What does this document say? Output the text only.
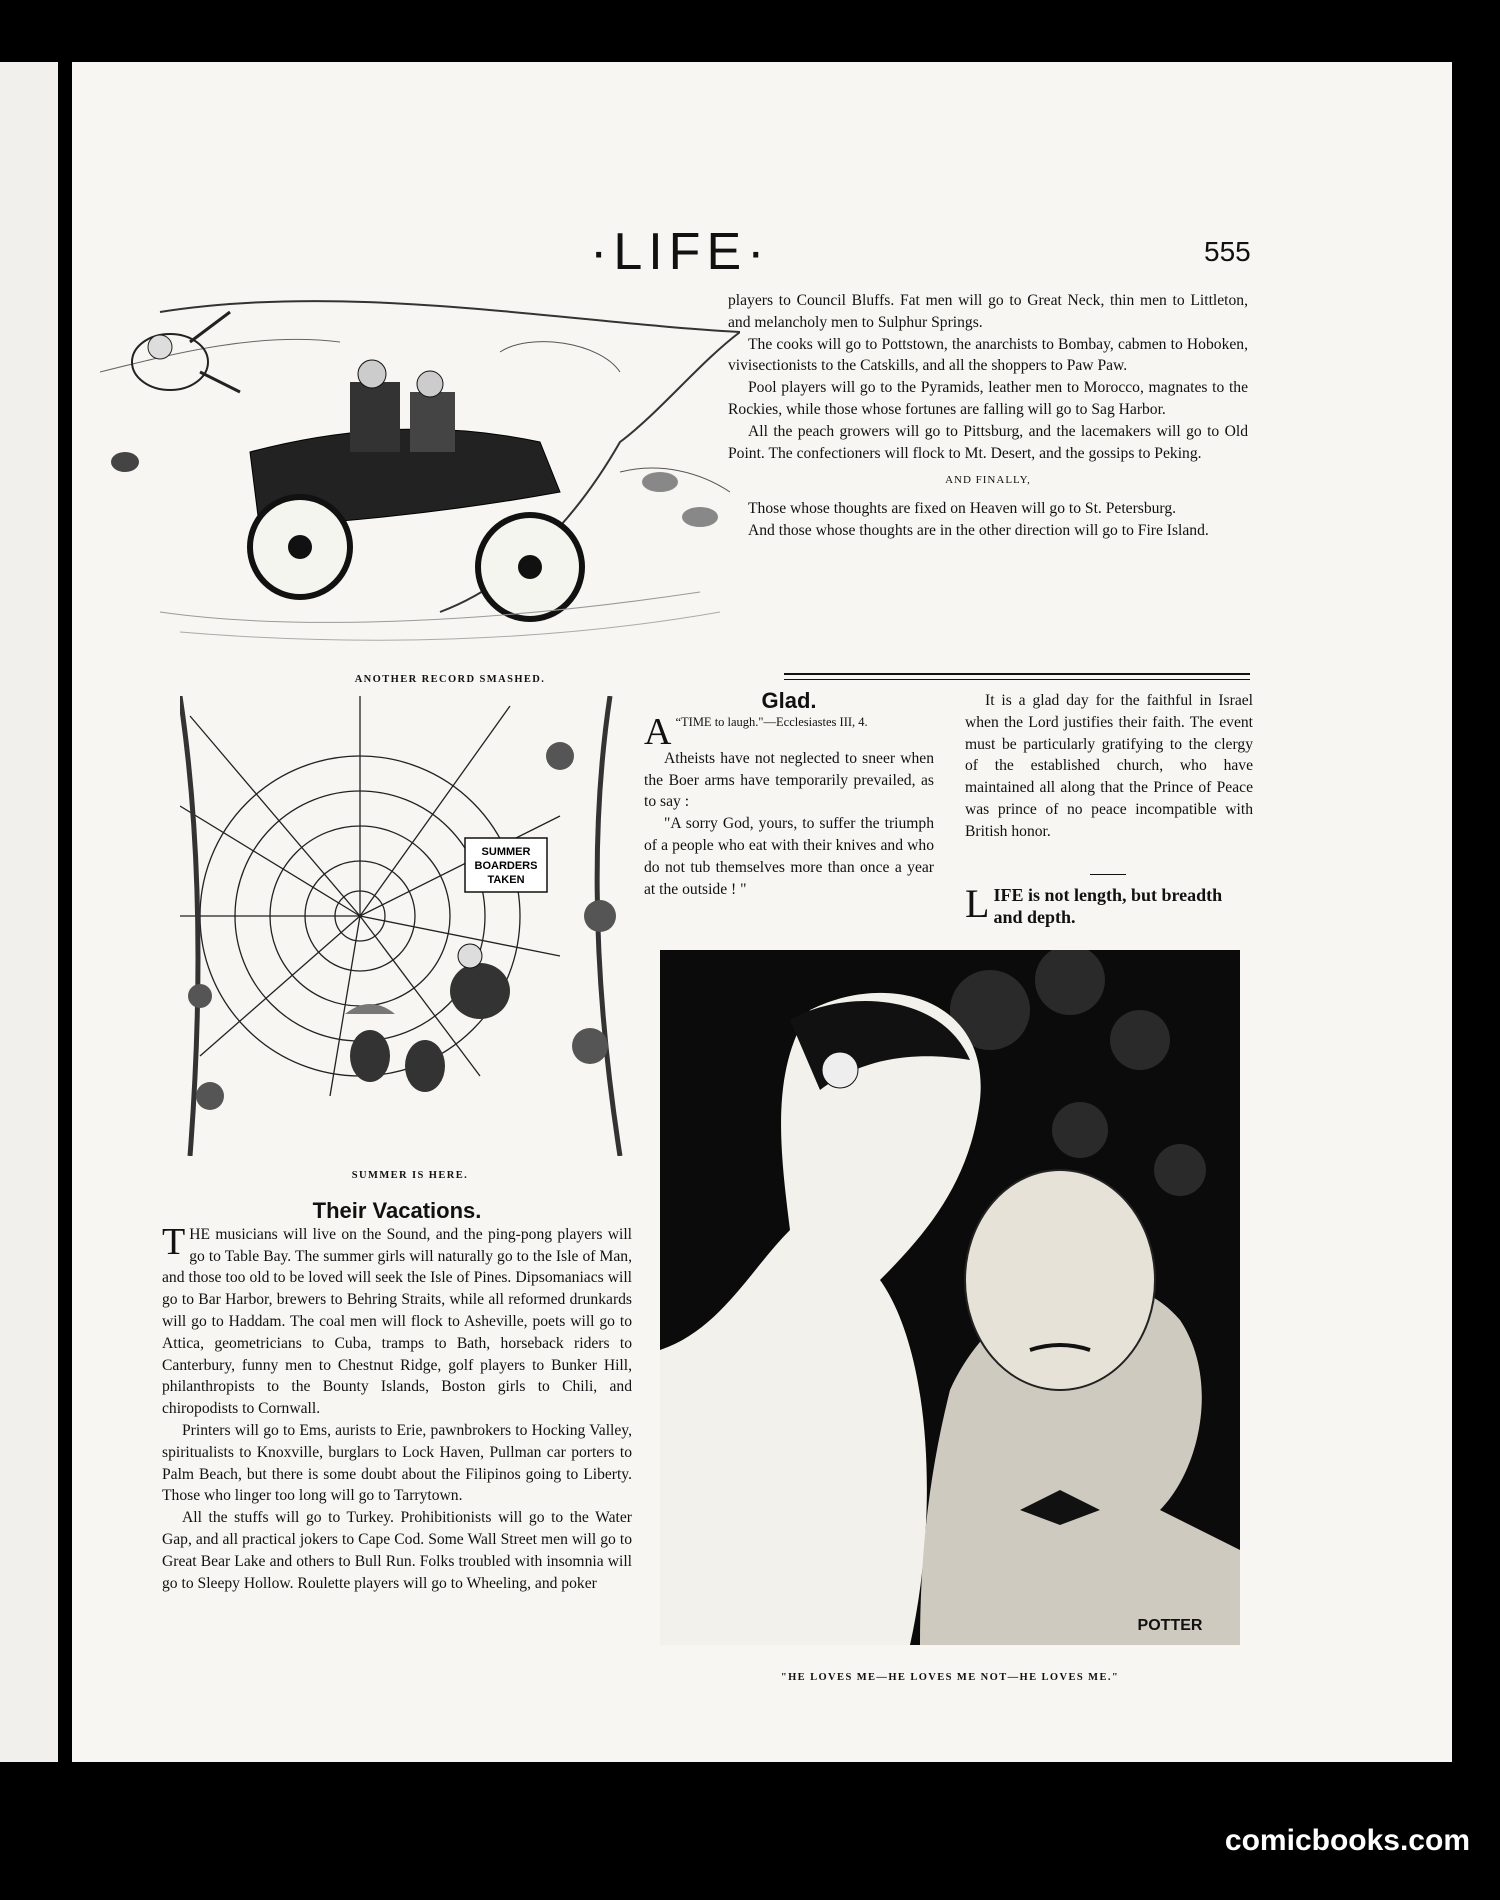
·LIFE·	555
ANOTHER RECORD SMASHED.

players to Council Bluffs. Fat men will go to Great Neck, thin men to Littleton, and melancholy men to Sulphur Springs.

The cooks will go to Pottstown, the anarchists to Bombay, cabmen to Hoboken, vivisectionists to the Catskills, and all the shoppers to Paw Paw.

Pool players will go to the Pyramids, leather men to Morocco, magnates to the Rockies, while those whose fortunes are falling will go to Sag Harbor.

All the peach growers will go to Pittsburg, and the lacemakers will go to Old Point. The confectioners will flock to Mt. Desert, and the gossips to Peking.

AND FINALLY,

Those whose thoughts are fixed on Heaven will go to St. Petersburg.

And those whose thoughts are in the other direction will go to Fire Island.

SUMMER
BOARDERS
TAKEN
SUMMER IS HERE.
Glad.

“
A TIME to laugh."—Ecclesiastes III, 4.

Atheists have not neglected to sneer when the Boer arms have temporarily prevailed, as to say :

"A sorry God, yours, to suffer the triumph of a people who eat with their knives and who do not tub themselves more than once a year at the outside ! "

It is a glad day for the faithful in Israel when the Lord justifies their faith. The event must be particularly gratifying to the clergy of the established church, who have maintained all along that the Prince of Peace was prince of no peace incompatible with British honor.

L IFE is not length, but breadth and depth.
POTTER
"HE LOVES ME—HE LOVES ME NOT—HE LOVES ME."
Their Vacations.

THE musicians will live on the Sound, and the ping-pong players will go to Table Bay. The summer girls will naturally go to the Isle of Man, and those too old to be loved will seek the Isle of Pines. Dipsomaniacs will go to Bar Harbor, brewers to Behring Straits, while all reformed drunkards will go to Haddam. The coal men will flock to Asheville, poets will go to Attica, geometricians to Cuba, tramps to Bath, horseback riders to Canterbury, funny men to Chestnut Ridge, golf players to Bunker Hill, philanthropists to the Bounty Islands, Boston girls to Chili, and chiropodists to Cornwall.

Printers will go to Ems, aurists to Erie, pawnbrokers to Hocking Valley, spiritualists to Knoxville, burglars to Lock Haven, Pullman car porters to Palm Beach, but there is some doubt about the Filipinos going to Liberty. Those who linger too long will go to Tarrytown.

All the stuffs will go to Turkey. Prohibitionists will go to the Water Gap, and all practical jokers to Cape Cod. Some Wall Street men will go to Great Bear Lake and others to Bull Run. Folks troubled with insomnia will go to Sleepy Hollow. Roulette players will go to Wheeling, and poker

comicbooks.com
